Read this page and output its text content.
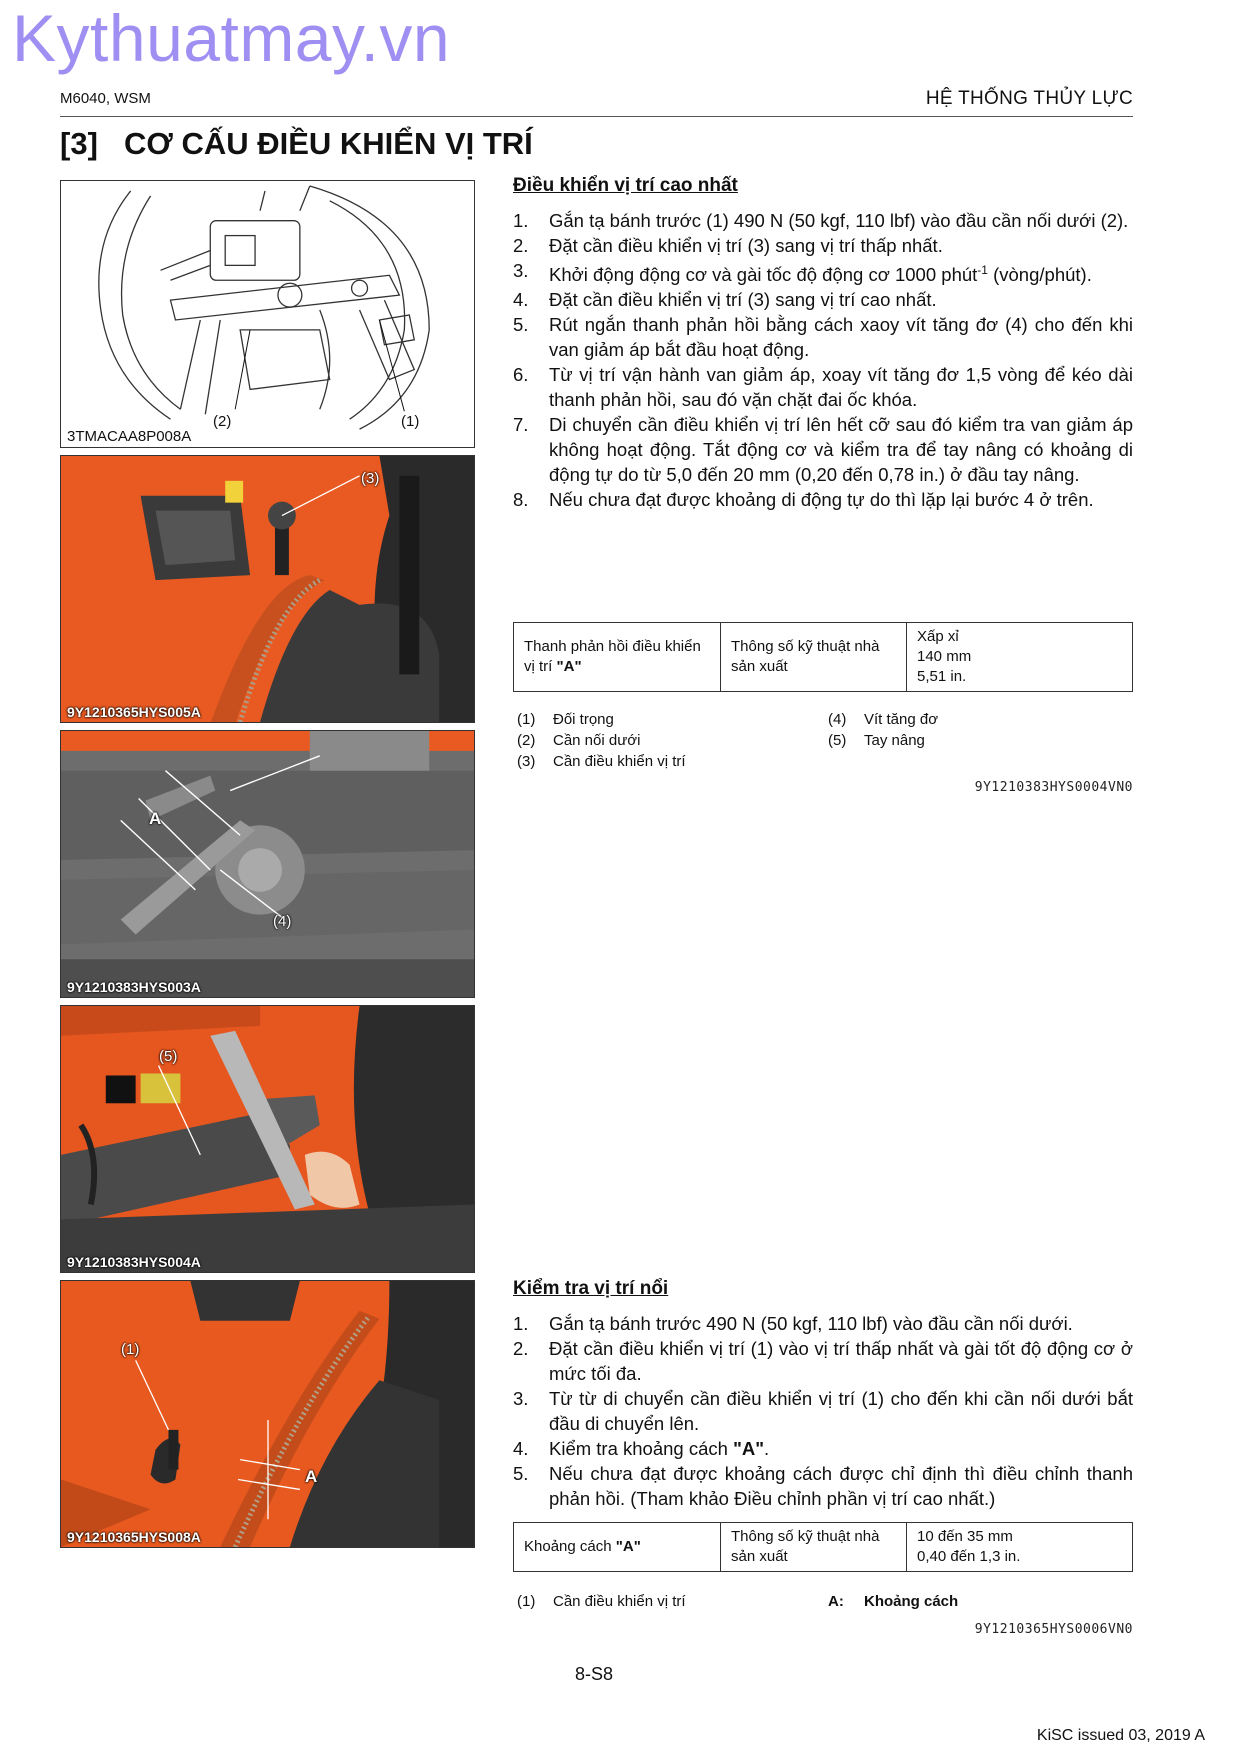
Kythuatmay.vn
M6040, WSM	HỆ THỐNG THỦY LỰC
[3] CƠ CẤU ĐIỀU KHIỂN VỊ TRÍ
(2)	(1)
3TMACAA8P008A
(3)
9Y1210365HYS005A
A
(4)
9Y1210383HYS003A
(5)
9Y1210383HYS004A
(1)
A
9Y1210365HYS008A
Điều khiển vị trí cao nhất
1. Gắn tạ bánh trước (1) 490 N (50 kgf, 110 lbf) vào đầu cần nối dưới (2).
2. Đặt cần điều khiển vị trí (3) sang vị trí thấp nhất.
3. Khởi động động cơ và gài tốc độ động cơ 1000 phút$^{-1}$ (vòng/phút).
4. Đặt cần điều khiển vị trí (3) sang vị trí cao nhất.
5. Rút ngắn thanh phản hồi bằng cách xaoy vít tăng đơ (4) cho đến khi van giảm áp bắt đầu hoạt động.
6. Từ vị trí vận hành van giảm áp, xoay vít tăng đơ 1,5 vòng để kéo dài thanh phản hồi, sau đó vặn chặt đai ốc khóa.
7. Di chuyển cần điều khiển vị trí lên hết cỡ sau đó kiểm tra van giảm áp không hoạt động. Tắt động cơ và kiểm tra để tay nâng có khoảng di động tự do từ 5,0 đến 20 mm (0,20 đến 0,78 in.) ở đầu tay nâng.
8. Nếu chưa đạt được khoảng di động tự do thì lặp lại bước 4 ở trên.
Thanh phản hồi điều khiển vị trí "A"	Thông số kỹ thuật nhà sản xuất	Xấp xỉ
140 mm
5,51 in.
(1) Đối trọng
(2) Cần nối dưới
(3) Cần điều khiển vị trí
(4) Vít tăng đơ
(5) Tay nâng
9Y1210383HYS0004VN0
Kiểm tra vị trí nổi
1. Gắn tạ bánh trước 490 N (50 kgf, 110 lbf) vào đầu cần nối dưới.
2. Đặt cần điều khiển vị trí (1) vào vị trí thấp nhất và gài tốt độ động cơ ở mức tối đa.
3. Từ từ di chuyển cần điều khiển vị trí (1) cho đến khi cần nối dưới bắt đầu di chuyển lên.
4. Kiểm tra khoảng cách "A".
5. Nếu chưa đạt được khoảng cách được chỉ định thì điều chỉnh thanh phản hồi. (Tham khảo Điều chỉnh phần vị trí cao nhất.)
Khoảng cách "A"	Thông số kỹ thuật nhà sản xuất	10 đến 35 mm
0,40 đến 1,3 in.
(1) Cần điều khiển vị trí	A: Khoảng cách
9Y1210365HYS0006VN0
8-S8
KiSC issued 03, 2019 A
